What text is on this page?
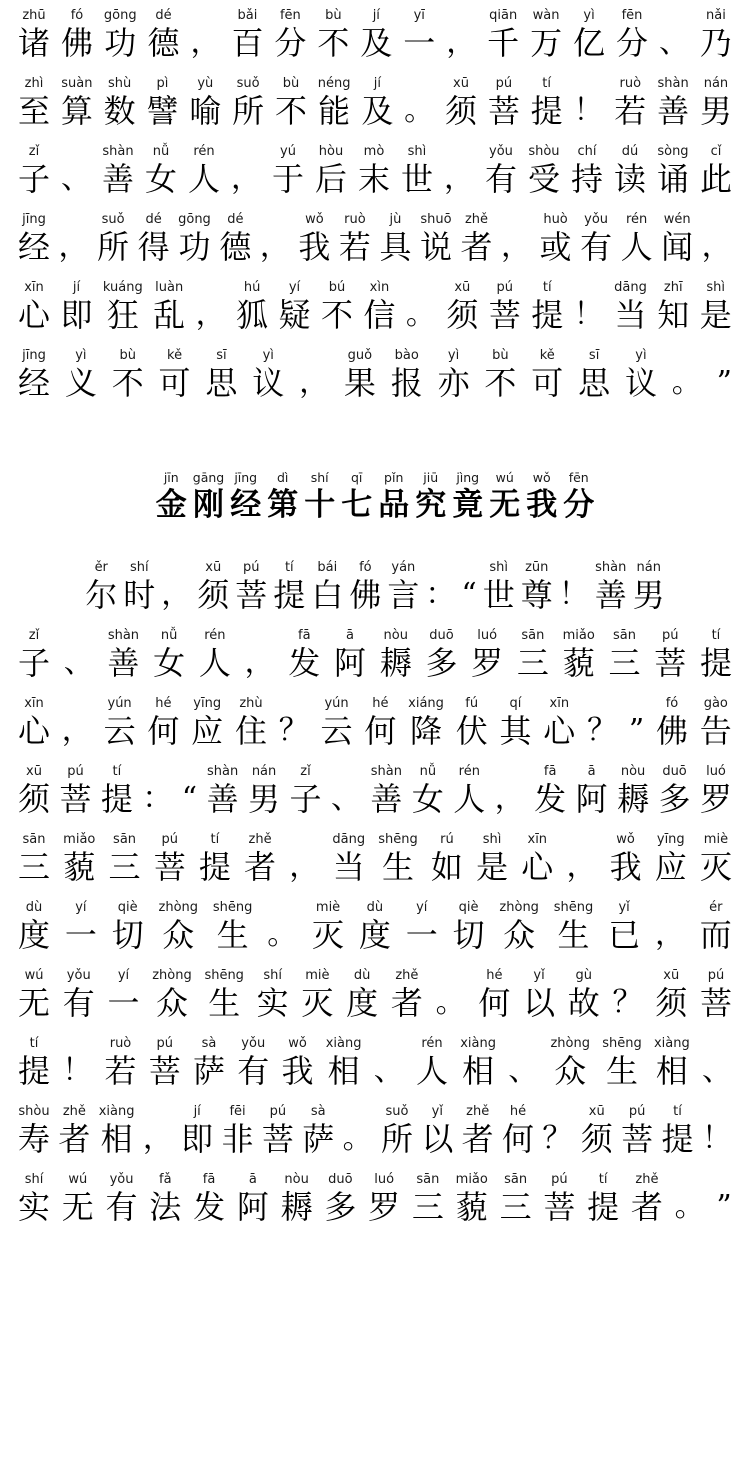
zhū
诸
fó
佛
gōng
功
dé
德 ，
bǎi
百
fēn
分
bù
不
jí
及
yī
一 ，
qiān
千
wàn
万
yì
亿
fēn
分 、
nǎi
乃
zhì
至
suàn
算
shù
数
pì
譬
yù
喻
suǒ
所
bù
不
néng
能
jí
及 。
xū
须
pú
菩
tí
提 ！
ruò
若
shàn
善
nán
男
zǐ
子 、
shàn
善
nǚ
女
rén
人 ，
yú
于
hòu
后
mò
末
shì
世 ，
yǒu
有
shòu
受
chí
持
dú
读
sòng
诵
cǐ
此
jīng
经 ，
suǒ
所
dé
得
gōng
功
dé
德 ，
wǒ
我
ruò
若
jù
具
shuō
说
zhě
者 ，
huò
或
yǒu
有
rén
人
wén
闻 ，
xīn
心
jí
即
kuáng
狂
luàn
乱 ，
hú
狐
yí
疑
bú
不
xìn
信 。
xū
须
pú
菩
tí
提 ！
dāng
当
zhī
知
shì
是
jīng
经
yì
义
bù
不
kě
可
sī
思
yì
议 ，
guǒ
果
bào
报
yì
亦
bù
不
kě
可
sī
思
yì
议 。 ”
jīn
金
gāng
刚
jīng
经
dì
第
shí
十
qī
七
pǐn
品
jiū
究
jìng
竟
wú
无
wǒ
我
fēn
分
ěr
尔
shí
时 ，
xū
须
pú
菩
tí
提
bái
白
fó
佛
yán
言 ： “
shì
世
zūn
尊 ！
shàn
善
nán
男
zǐ
子 、
shàn
善
nǚ
女
rén
人 ，
fā
发
ā
阿
nòu
耨
duō
多
luó
罗
sān
三
miǎo
藐
sān
三
pú
菩
tí
提
xīn
心 ，
yún
云
hé
何
yīng
应
zhù
住 ？
yún
云
hé
何
xiáng
降
fú
伏
qí
其
xīn
心 ？ ”
fó
佛
gào
告
xū
须
pú
菩
tí
提 ： “
shàn
善
nán
男
zǐ
子 、
shàn
善
nǚ
女
rén
人 ，
fā
发
ā
阿
nòu
耨
duō
多
luó
罗
sān
三
miǎo
藐
sān
三
pú
菩
tí
提
zhě
者 ，
dāng
当
shēng
生
rú
如
shì
是
xīn
心 ，
wǒ
我
yīng
应
miè
灭
dù
度
yí
一
qiè
切
zhòng
众
shēng
生 。
miè
灭
dù
度
yí
一
qiè
切
zhòng
众
shēng
生
yǐ
已 ，
ér
而
wú
无
yǒu
有
yí
一
zhòng
众
shēng
生
shí
实
miè
灭
dù
度
zhě
者 。
hé
何
yǐ
以
gù
故 ？
xū
须
pú
菩
tí
提 ！
ruò
若
pú
菩
sà
萨
yǒu
有
wǒ
我
xiàng
相 、
rén
人
xiàng
相 、
zhòng
众
shēng
生
xiàng
相 、
shòu
寿
zhě
者
xiàng
相 ，
jí
即
fēi
非
pú
菩
sà
萨 。
suǒ
所
yǐ
以
zhě
者
hé
何 ？
xū
须
pú
菩
tí
提 ！
shí
实
wú
无
yǒu
有
fǎ
法
fā
发
ā
阿
nòu
耨
duō
多
luó
罗
sān
三
miǎo
藐
sān
三
pú
菩
tí
提
zhě
者 。 ”
